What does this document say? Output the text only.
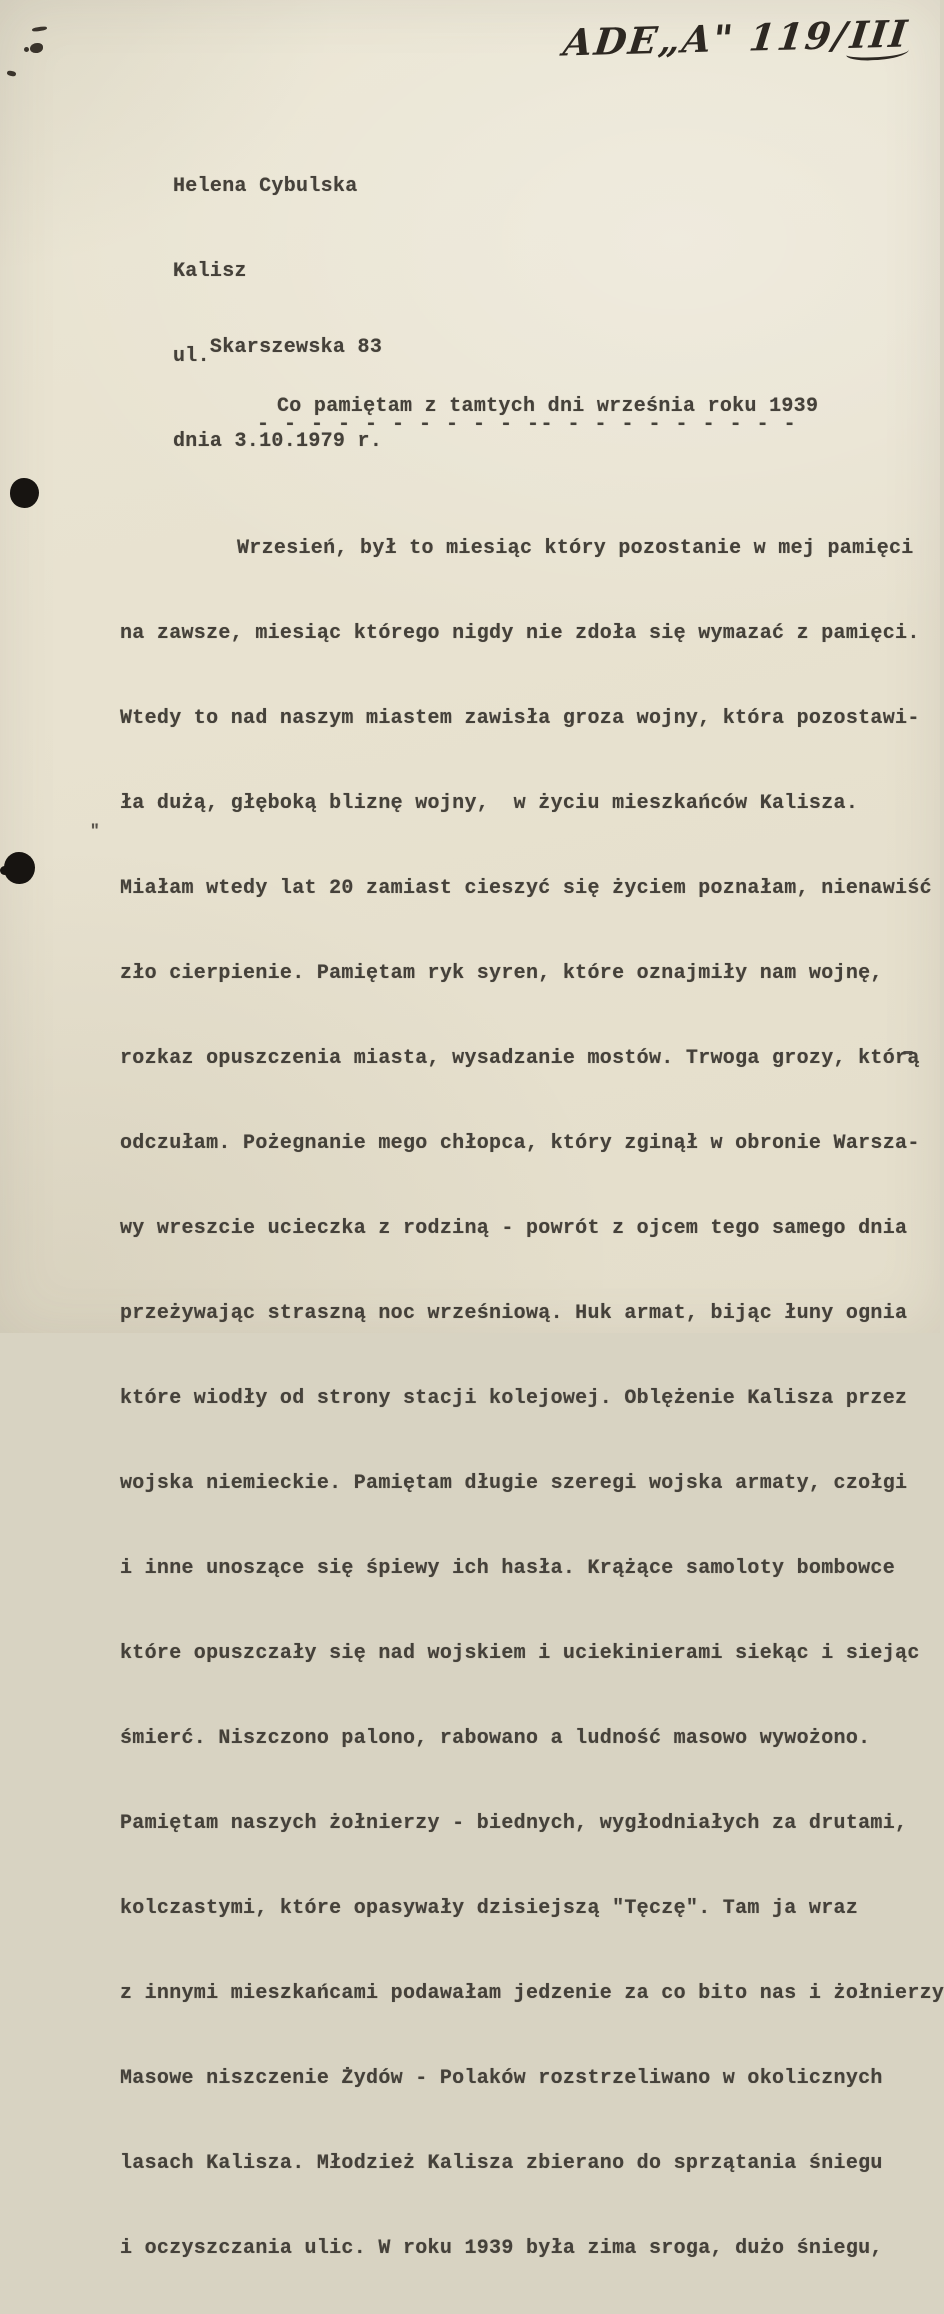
ADE„A" 119/III
"

Helena Cybulska

Kalisz

ul.Skarszewska 83

dnia 3.10.1979 r.

Co pamiętam z tamtych dni września roku 1939
- - - - - - - - - - -- - - - - - - - - -

Wrzesień, był to miesiąc który pozostanie w mej pamięci

na zawsze, miesiąc którego nigdy nie zdoła się wymazać z pamięci.

Wtedy to nad naszym miastem zawisła groza wojny, która pozostawi-

ła dużą, głęboką bliznę wojny,  w życiu mieszkańców Kalisza.

Miałam wtedy lat 20 zamiast cieszyć się życiem poznałam, nienawiść

zło cierpienie. Pamiętam ryk syren, które oznajmiły nam wojnę,

rozkaz opuszczenia miasta, wysadzanie mostów. Trwoga grozy, którą

odczułam. Pożegnanie mego chłopca, który zginął w obronie Warsza-

wy wreszcie ucieczka z rodziną - powrót z ojcem tego samego dnia

przeżywając straszną noc wrześniową. Huk armat, bijąc łuny ognia

które wiodły od strony stacji kolejowej. Oblężenie Kalisza przez

wojska niemieckie. Pamiętam długie szeregi wojska armaty, czołgi

i inne unoszące się śpiewy ich hasła. Krążące samoloty bombowce

które opuszczały się nad wojskiem i uciekinierami siekąc i siejąc

śmierć. Niszczono palono, rabowano a ludność masowo wywożono.

Pamiętam naszych żołnierzy - biednych, wygłodniałych za drutami,

kolczastymi, które opasywały dzisiejszą "Tęczę". Tam ja wraz

z innymi mieszkańcami podawałam jedzenie za co bito nas i żołnierzy

Masowe niszczenie Żydów - Polaków rozstrzeliwano w okolicznych

lasach Kalisza. Młodzież Kalisza zbierano do sprzątania śniegu

i oczyszczania ulic. W roku 1939 była zima sroga, dużo śniegu,
